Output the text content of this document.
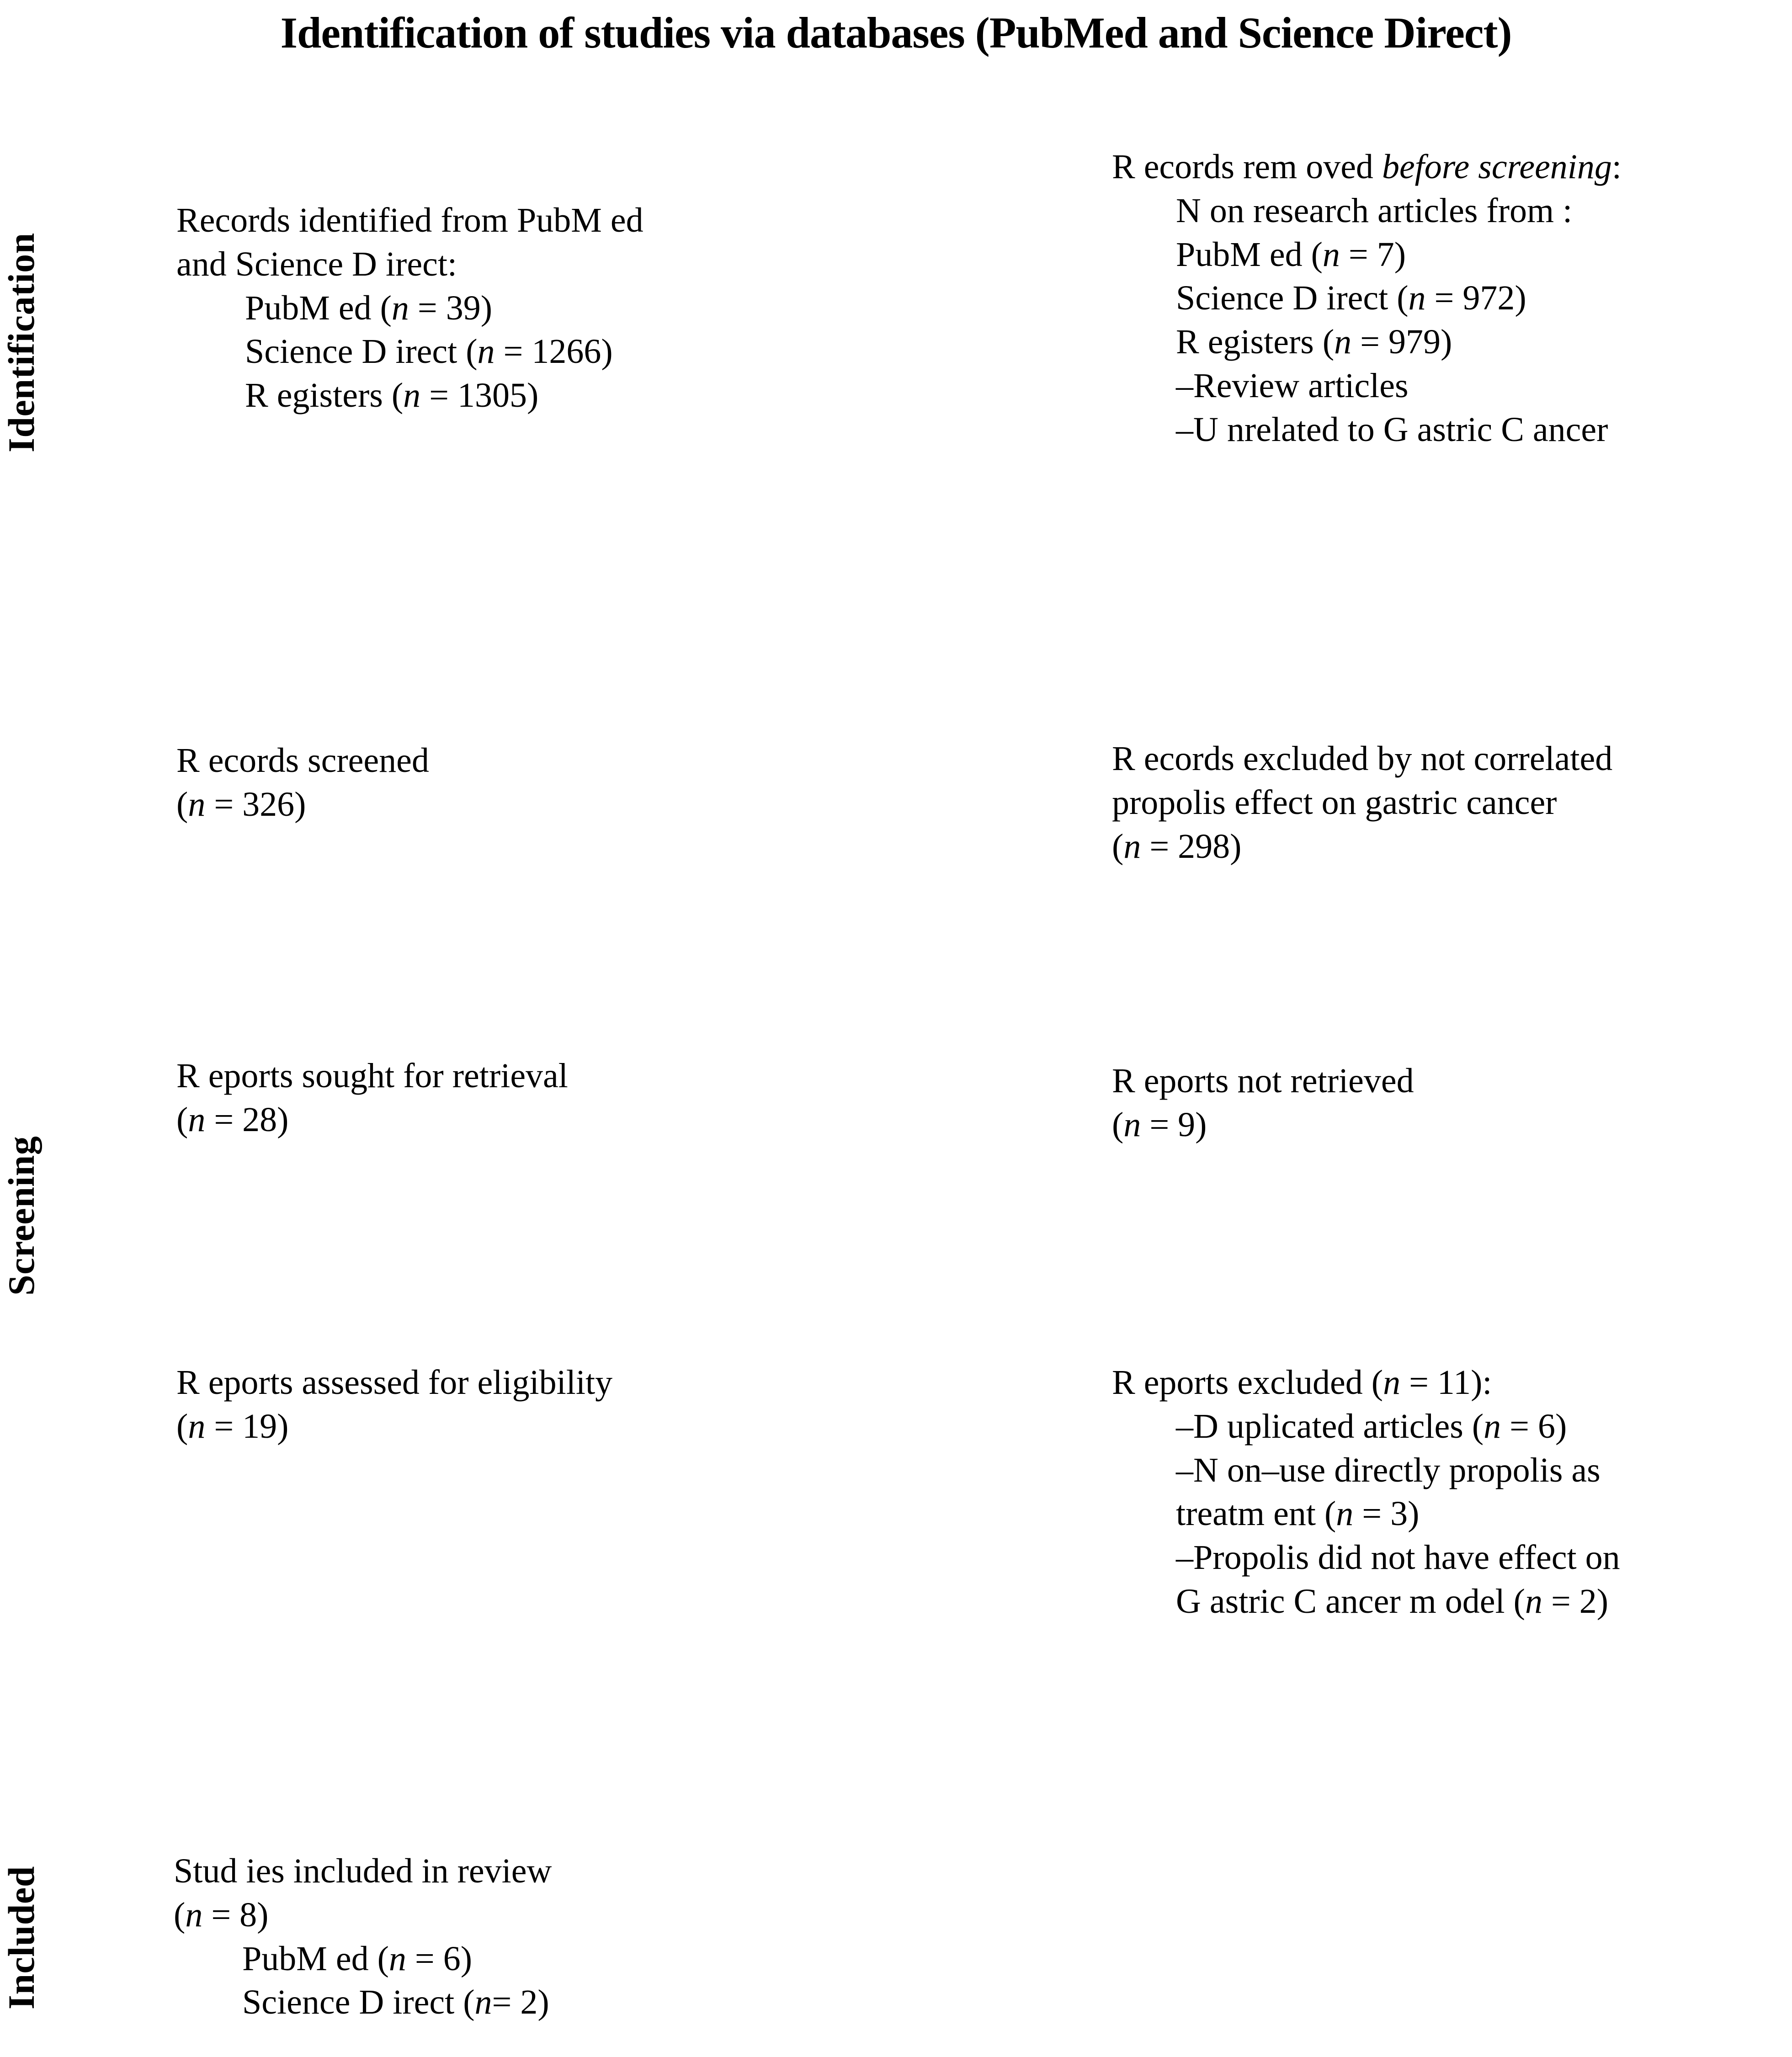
Identification of studies via databases (PubMed and Science Direct)
Identification
Screening
Included
Records identified from PubM ed
and Science D irect:
PubM ed (n = 39)
Science D irect (n = 1266)
R egisters (n = 1305)
R ecords screened
(n = 326)
R eports sought for retrieval
(n = 28)
R eports assessed for eligibility
(n = 19)
Stud ies included in review
(n = 8)
PubM ed (n = 6)
Science D irect (n= 2)
R ecords rem oved before screening:
N on research articles from :
PubM ed (n = 7)
Science D irect (n = 972)
R egisters (n = 979)
–Review articles
–U nrelated to G astric C ancer
R ecords excluded by not correlated
propolis effect on gastric cancer
(n = 298)
R eports not retrieved
(n = 9)
R eports excluded (n = 11):
–D uplicated articles (n = 6)
–N on–use directly propolis as
treatm ent (n = 3)
–Propolis did not have effect on
G astric C ancer m odel (n = 2)
